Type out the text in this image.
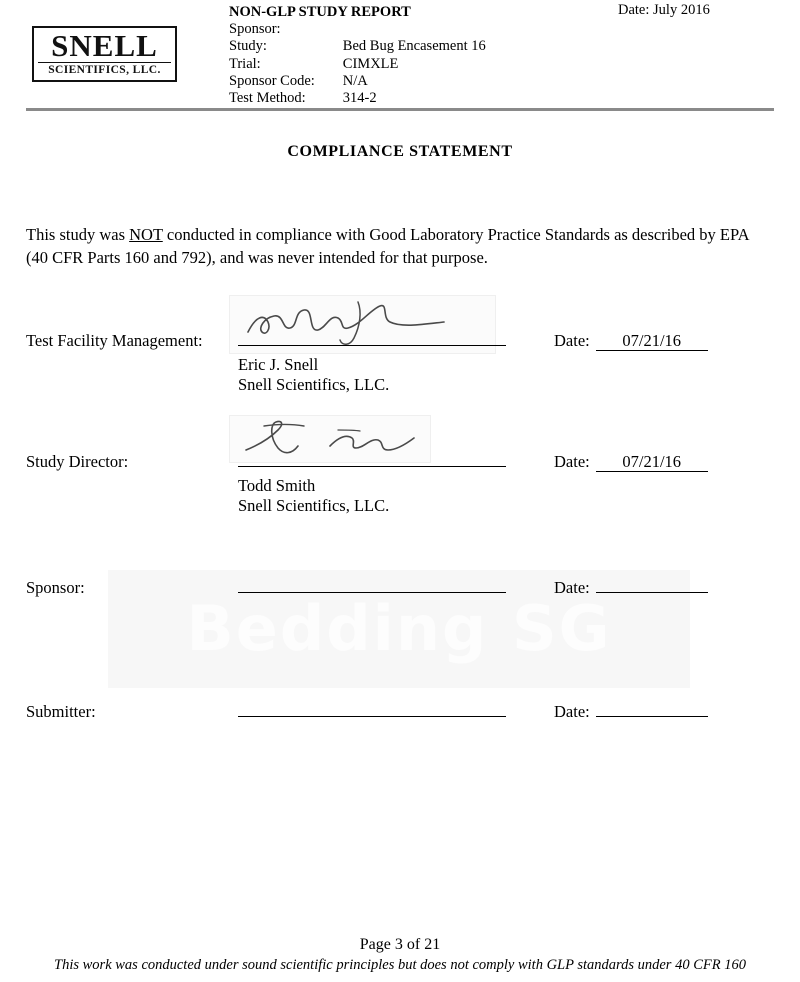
Bedding SG
SNELL
SCIENTIFICS, LLC.
NON-GLP STUDY REPORT
Sponsor:	
Study:	Bed Bug Encasement 16
Trial:	CIMXLE
Sponsor Code:	N/A
Test Method:	314-2
Date: July 2016
COMPLIANCE STATEMENT
This study was NOT conducted in compliance with Good Laboratory Practice Standards as described by EPA (40 CFR Parts 160 and 792), and was never intended for that purpose.
Test Facility Management:	Date:	07/21/16
Eric J. Snell
Snell Scientifics, LLC.
Study Director:	Date:	07/21/16
Todd Smith
Snell Scientifics, LLC.
Sponsor:	Date:
Submitter:	Date:
Page 3 of 21
This work was conducted under sound scientific principles but does not comply with GLP standards under 40 CFR 160
